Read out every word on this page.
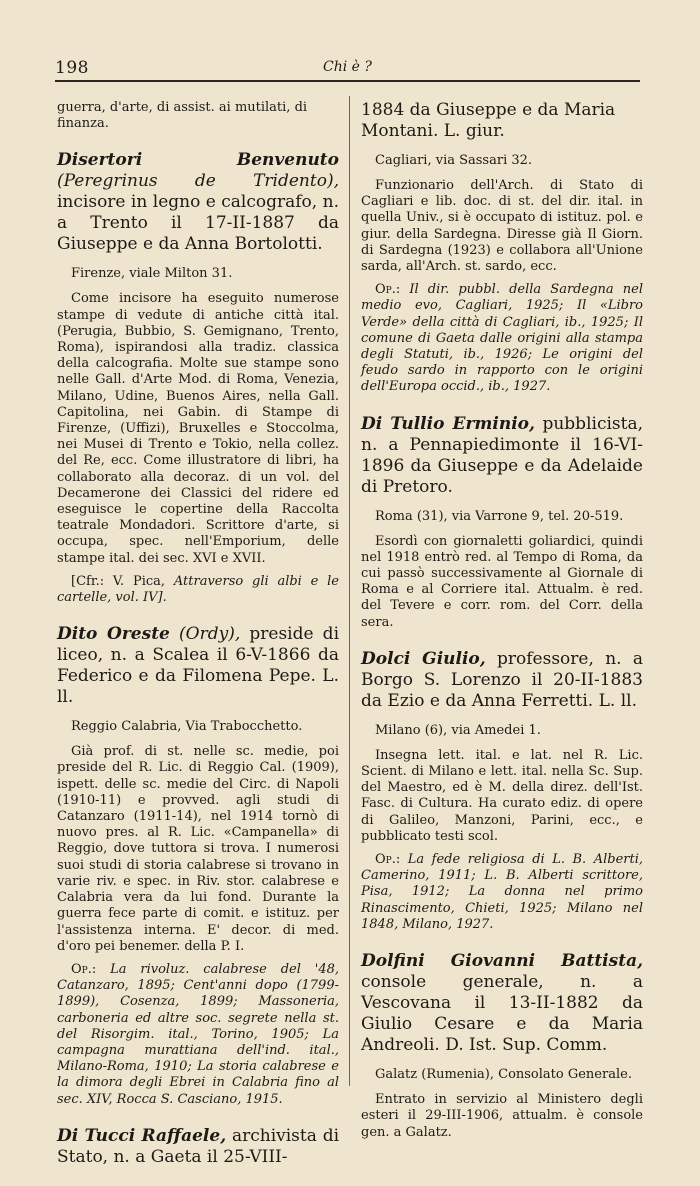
198	Chi è ?

guerra, d'arte, di assist. ai mutilati, di finanza.

Disertori Benvenuto (Peregrinus de Tridento), incisore in legno e calcografo, n. a Trento il 17-II-1887 da Giuseppe e da Anna Bortolotti.

Firenze, viale Milton 31.

Come incisore ha eseguito numerose stampe di vedute di antiche città ital. (Perugia, Bubbio, S. Gemignano, Trento, Roma), ispirandosi alla tradiz. classica della calcografia. Molte sue stampe sono nelle Gall. d'Arte Mod. di Roma, Venezia, Milano, Udine, Buenos Aires, nella Gall. Capitolina, nei Gabin. di Stampe di Firenze, (Uffizi), Bruxelles e Stoccolma, nei Musei di Trento e Tokio, nella collez. del Re, ecc. Come illustratore di libri, ha collaborato alla decoraz. di un vol. del Decamerone dei Classici del ridere ed eseguisce le copertine della Raccolta teatrale Mondadori. Scrittore d'arte, si occupa, spec. nell'Emporium, delle stampe ital. dei sec. XVI e XVII.

[Cfr.: V. Pica, Attraverso gli albi e le cartelle, vol. IV].

Dito Oreste (Ordy), preside di liceo, n. a Scalea il 6-V-1866 da Federico e da Filomena Pepe. L. ll.

Reggio Calabria, Via Trabocchetto.

Già prof. di st. nelle sc. medie, poi preside del R. Lic. di Reggio Cal. (1909), ispett. delle sc. medie del Circ. di Napoli (1910-11) e provved. agli studi di Catanzaro (1911-14), nel 1914 tornò di nuovo pres. al R. Lic. «Campanella» di Reggio, dove tuttora si trova. I numerosi suoi studi di storia calabrese si trovano in varie riv. e spec. in Riv. stor. calabrese e Calabria vera da lui fond. Durante la guerra fece parte di comit. e istituz. per l'assistenza interna. E' decor. di med. d'oro pei benemer. della P. I.

Op.: La rivoluz. calabrese del '48, Catanzaro, 1895; Cent'anni dopo (1799-1899), Cosenza, 1899; Massoneria, carboneria ed altre soc. segrete nella st. del Risorgim. ital., Torino, 1905; La campagna murattiana dell'ind. ital., Milano-Roma, 1910; La storia calabrese e la dimora degli Ebrei in Calabria fino al sec. XIV, Rocca S. Casciano, 1915.

Di Tucci Raffaele, archivista di Stato, n. a Gaeta il 25-VIII-

1884 da Giuseppe e da Maria Montani. L. giur.

Cagliari, via Sassari 32.

Funzionario dell'Arch. di Stato di Cagliari e lib. doc. di st. del dir. ital. in quella Univ., si è occupato di istituz. pol. e giur. della Sardegna. Diresse già Il Giorn. di Sardegna (1923) e collabora all'Unione sarda, all'Arch. st. sardo, ecc.

Op.: Il dir. pubbl. della Sardegna nel medio evo, Cagliari, 1925; Il «Libro Verde» della città di Cagliari, ib., 1925; Il comune di Gaeta dalle origini alla stampa degli Statuti, ib., 1926; Le origini del feudo sardo in rapporto con le origini dell'Europa occid., ib., 1927.

Di Tullio Erminio, pubblicista, n. a Pennapiedimonte il 16-VI-1896 da Giuseppe e da Adelaide di Pretoro.

Roma (31), via Varrone 9, tel. 20-519.

Esordì con giornaletti goliardici, quindi nel 1918 entrò red. al Tempo di Roma, da cui passò successivamente al Giornale di Roma e al Corriere ital. Attualm. è red. del Tevere e corr. rom. del Corr. della sera.

Dolci Giulio, professore, n. a Borgo S. Lorenzo il 20-II-1883 da Ezio e da Anna Ferretti. L. ll.

Milano (6), via Amedei 1.

Insegna lett. ital. e lat. nel R. Lic. Scient. di Milano e lett. ital. nella Sc. Sup. del Maestro, ed è M. della direz. dell'Ist. Fasc. di Cultura. Ha curato ediz. di opere di Galileo, Manzoni, Parini, ecc., e pubblicato testi scol.

Op.: La fede religiosa di L. B. Alberti, Camerino, 1911; L. B. Alberti scrittore, Pisa, 1912; La donna nel primo Rinascimento, Chieti, 1925; Milano nel 1848, Milano, 1927.

Dolfini Giovanni Battista, console generale, n. a Vescovana il 13-II-1882 da Giulio Cesare e da Maria Andreoli. D. Ist. Sup. Comm.

Galatz (Rumenia), Consolato Generale.

Entrato in servizio al Ministero degli esteri il 29-III-1906, attualm. è console gen. a Galatz.
